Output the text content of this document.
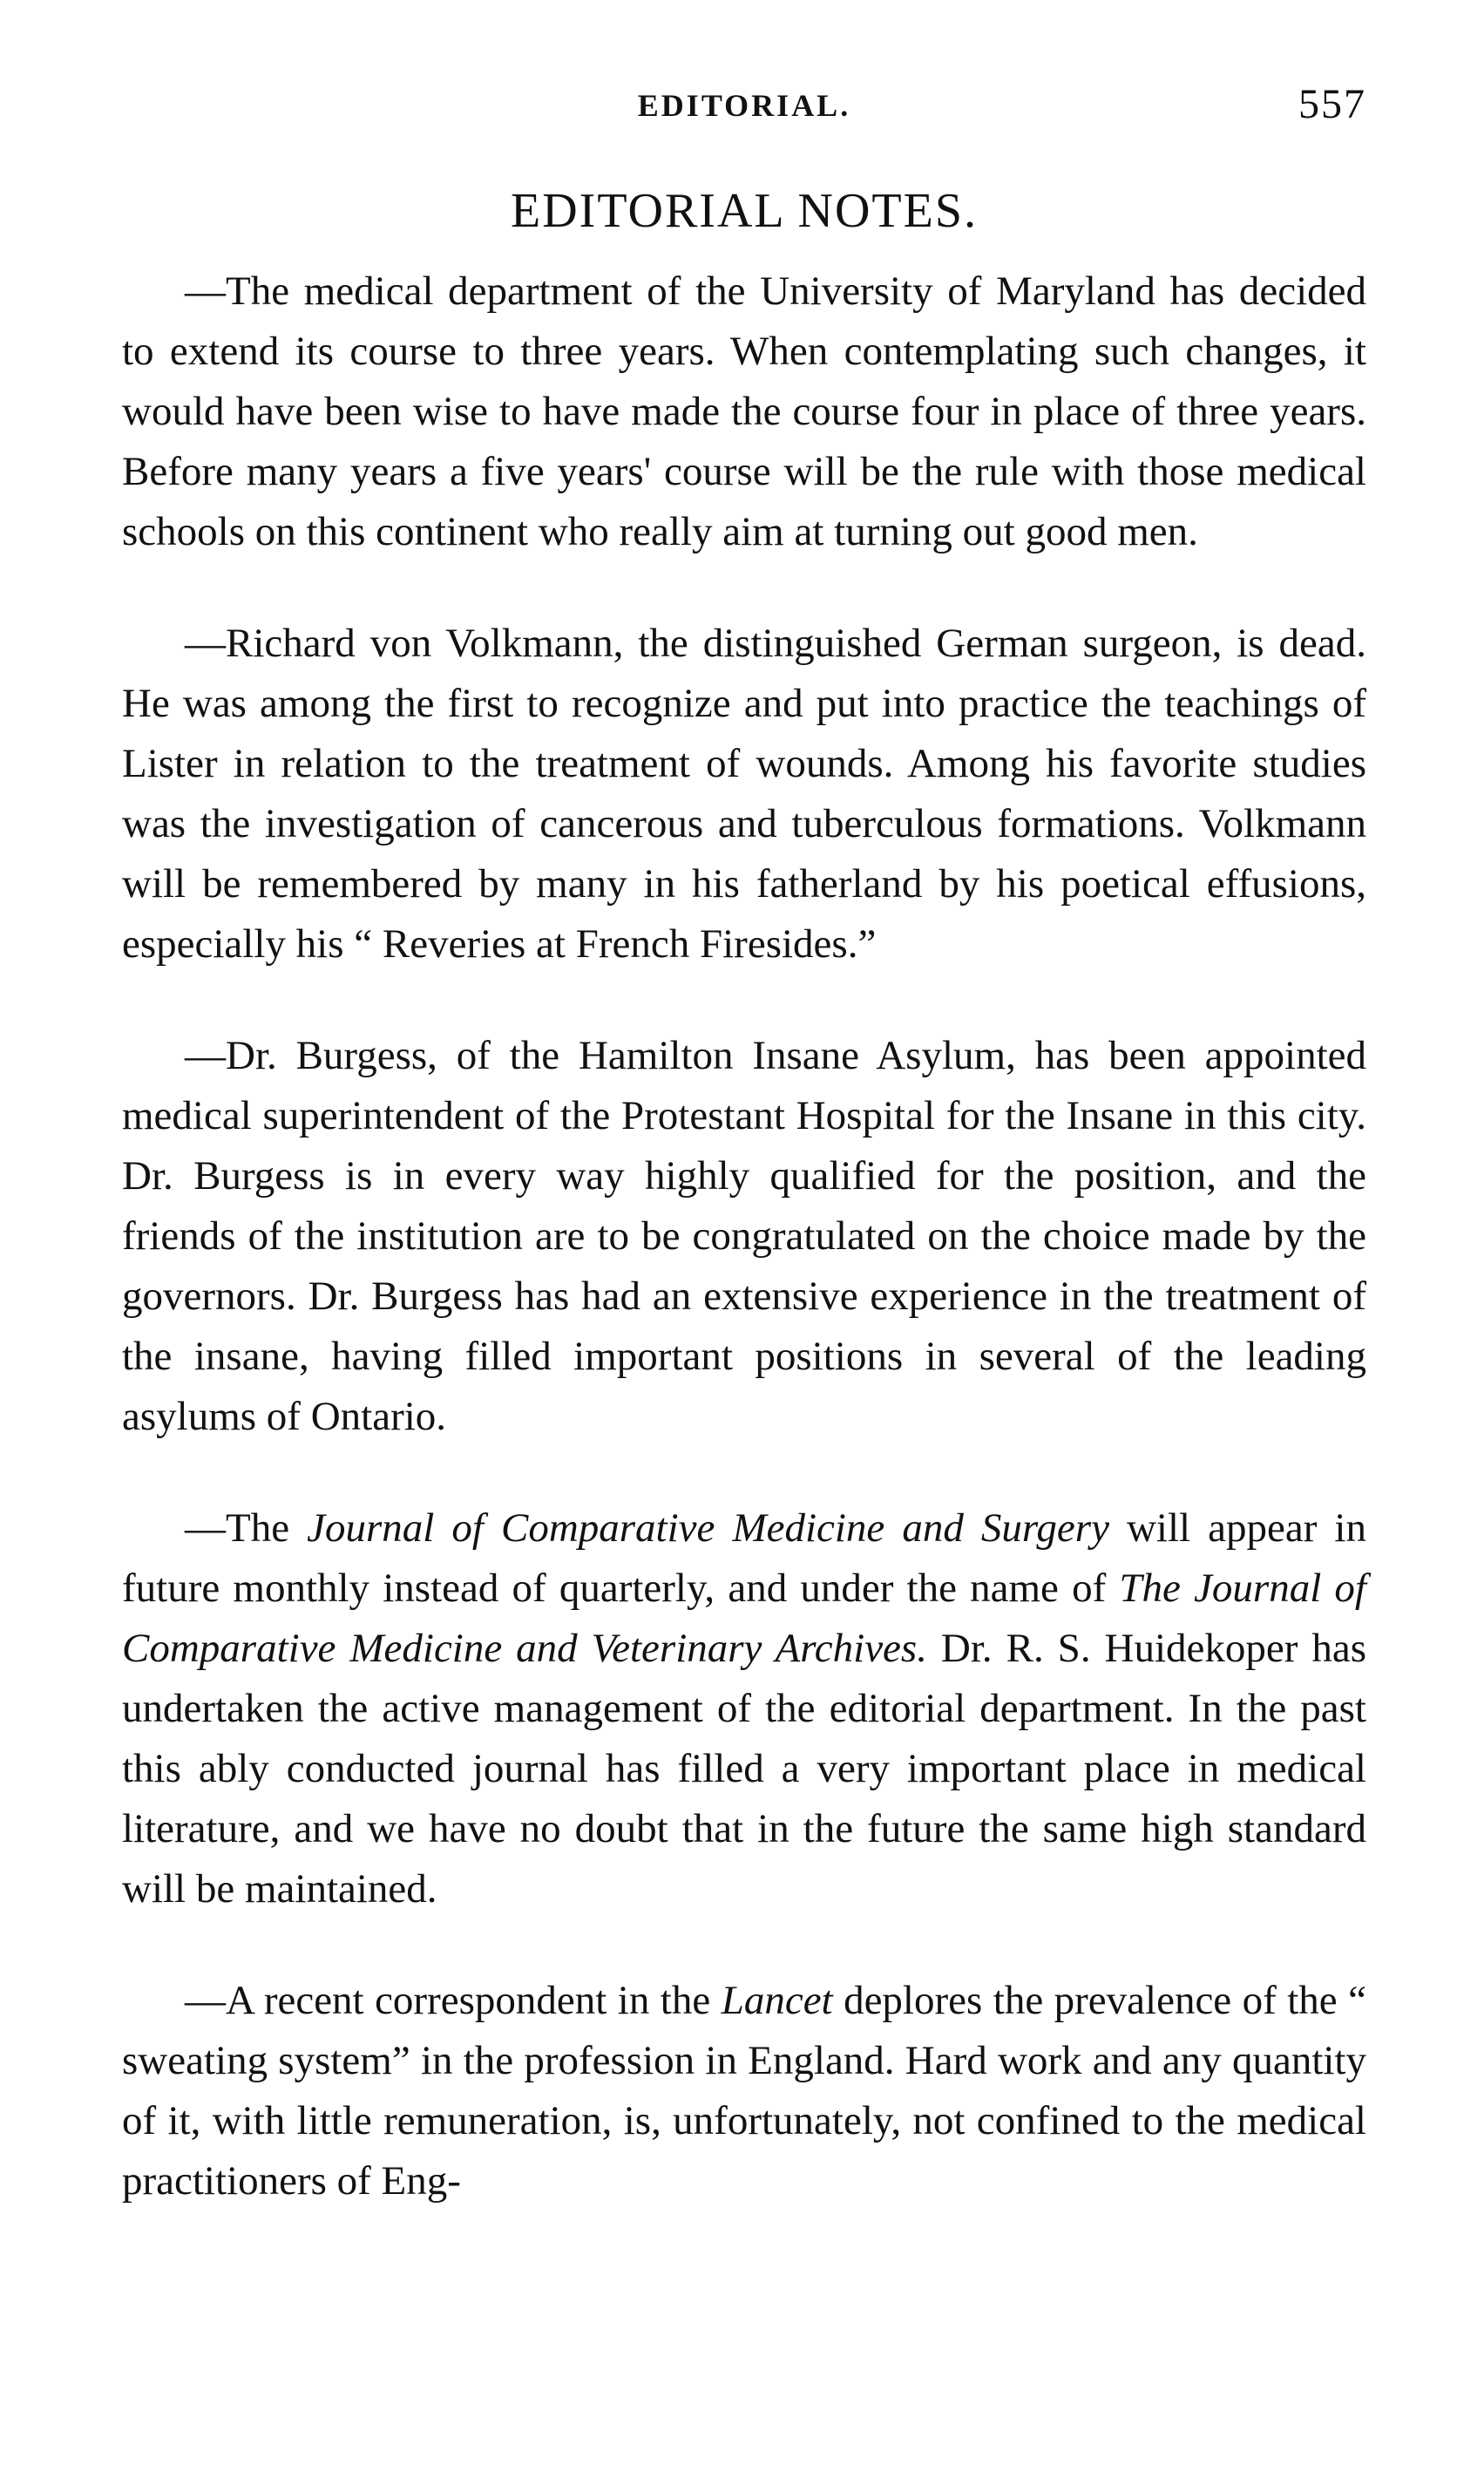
EDITORIAL.	557
EDITORIAL NOTES.

—The medical department of the University of Maryland has decided to extend its course to three years. When contemplating such changes, it would have been wise to have made the course four in place of three years. Before many years a five years' course will be the rule with those medical schools on this continent who really aim at turning out good men.

—Richard von Volkmann, the distinguished German surgeon, is dead. He was among the first to recognize and put into practice the teachings of Lister in relation to the treatment of wounds. Among his favorite studies was the investigation of cancerous and tuberculous formations. Volkmann will be remembered by many in his fatherland by his poetical effusions, especially his “ Reveries at French Firesides.”

—Dr. Burgess, of the Hamilton Insane Asylum, has been appointed medical superintendent of the Protestant Hospital for the Insane in this city. Dr. Burgess is in every way highly qualified for the position, and the friends of the institution are to be congratulated on the choice made by the governors. Dr. Burgess has had an extensive experience in the treatment of the insane, having filled important positions in several of the leading asylums of Ontario.

—The Journal of Comparative Medicine and Surgery will appear in future monthly instead of quarterly, and under the name of The Journal of Comparative Medicine and Veterinary Archives. Dr. R. S. Huidekoper has undertaken the active management of the editorial department. In the past this ably conducted journal has filled a very important place in medical literature, and we have no doubt that in the future the same high standard will be maintained.

—A recent correspondent in the Lancet deplores the prevalence of the “ sweating system” in the profession in England. Hard work and any quantity of it, with little remuneration, is, unfortunately, not confined to the medical practitioners of Eng-
